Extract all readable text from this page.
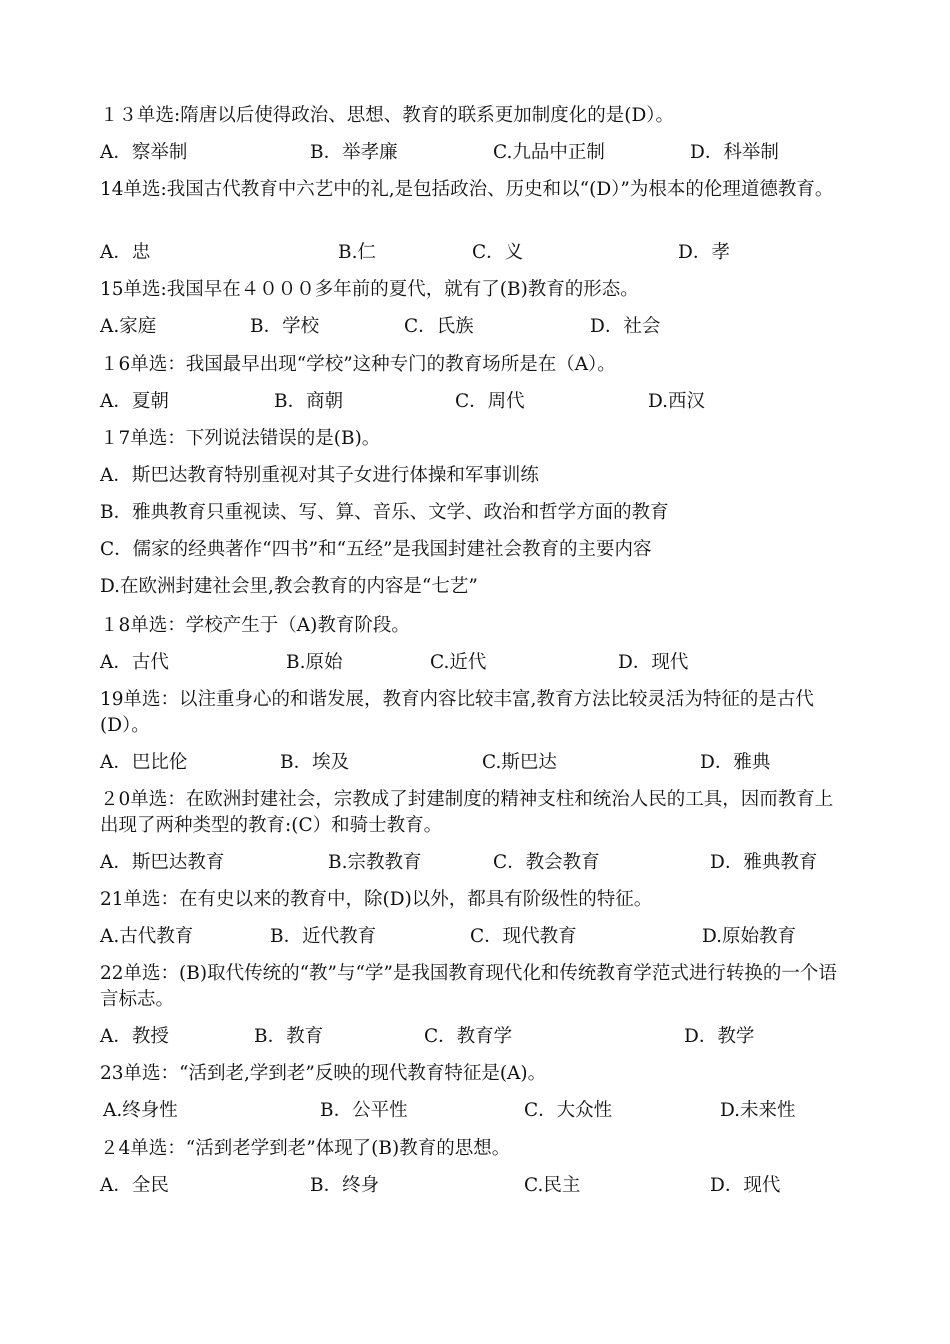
１３单选:隋唐以后使得政治、思想、教育的联系更加制度化的是(D）。
A．察举制	B．举孝廉	C.九品中正制	D．科举制
14单选:我国古代教育中六艺中的礼,是包括政治、历史和以“(D）”为根本的伦理道德教育。
A．忠	B.仁	C．义	D．孝
15单选:我国早在４０００多年前的夏代，就有了(B)教育的形态。
A.家庭	B．学校	C．氏族	D．社会
１6单选：我国最早出现“学校”这种专门的教育场所是在（A）。
A．夏朝	B．商朝	C．周代	D.西汉
１7单选：下列说法错误的是(B)。
A．斯巴达教育特别重视对其子女进行体操和军事训练
B．雅典教育只重视读、写、算、音乐、文学、政治和哲学方面的教育
C．儒家的经典著作“四书”和“五经”是我国封建社会教育的主要内容
D.在欧洲封建社会里,教会教育的内容是“七艺”
１8单选：学校产生于（A)教育阶段。
A．古代	B.原始	C.近代	D．现代
19单选：以注重身心的和谐发展，教育内容比较丰富,教育方法比较灵活为特征的是古代(D）。
A．巴比伦	B．埃及	C.斯巴达	D．雅典
２0单选：在欧洲封建社会，宗教成了封建制度的精神支柱和统治人民的工具，因而教育上出现了两种类型的教育:(C）和骑士教育。
A．斯巴达教育	B.宗教教育	C．教会教育	D．雅典教育
21单选：在有史以来的教育中，除(D)以外，都具有阶级性的特征。
A.古代教育	B．近代教育	C．现代教育	D.原始教育
22单选：(B)取代传统的“教”与“学”是我国教育现代化和传统教育学范式进行转换的一个语言标志。
A．教授	B．教育	C．教育学	D．教学
23单选：“活到老,学到老”反映的现代教育特征是(A)。
A.终身性	B．公平性	C．大众性	D.未来性
２4单选：“活到老学到老”体现了(B)教育的思想。
A．全民	B．终身	C.民主	D．现代
